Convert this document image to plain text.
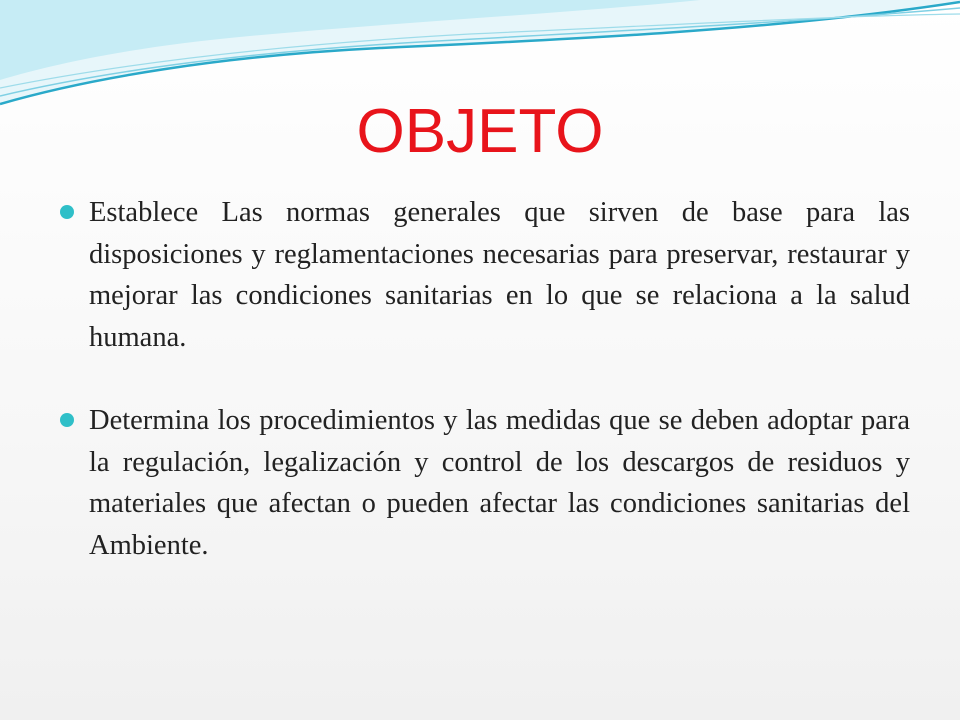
OBJETO
Establece Las normas generales que sirven de base para las disposiciones y reglamentaciones necesarias para preservar, restaurar y mejorar las condiciones sanitarias en lo que se relaciona a la salud humana.
Determina los procedimientos y las medidas que se deben adoptar para la regulación, legalización y control de los descargos de residuos y materiales que afectan o pueden afectar las condiciones sanitarias del Ambiente.
